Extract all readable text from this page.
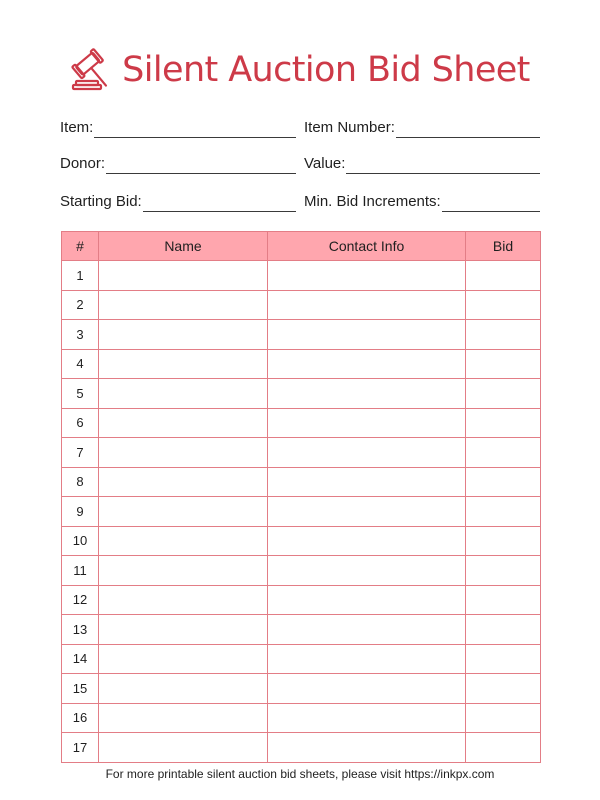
Silent Auction Bid Sheet
Item:	Item Number:
Donor:	Value:
Starting Bid:	Min. Bid Increments:
#	Name	Contact Info	Bid
1			
2			
3			
4			
5			
6			
7			
8			
9			
10			
11			
12			
13			
14			
15			
16			
17			
For more printable silent auction bid sheets, please visit https://inkpx.com
